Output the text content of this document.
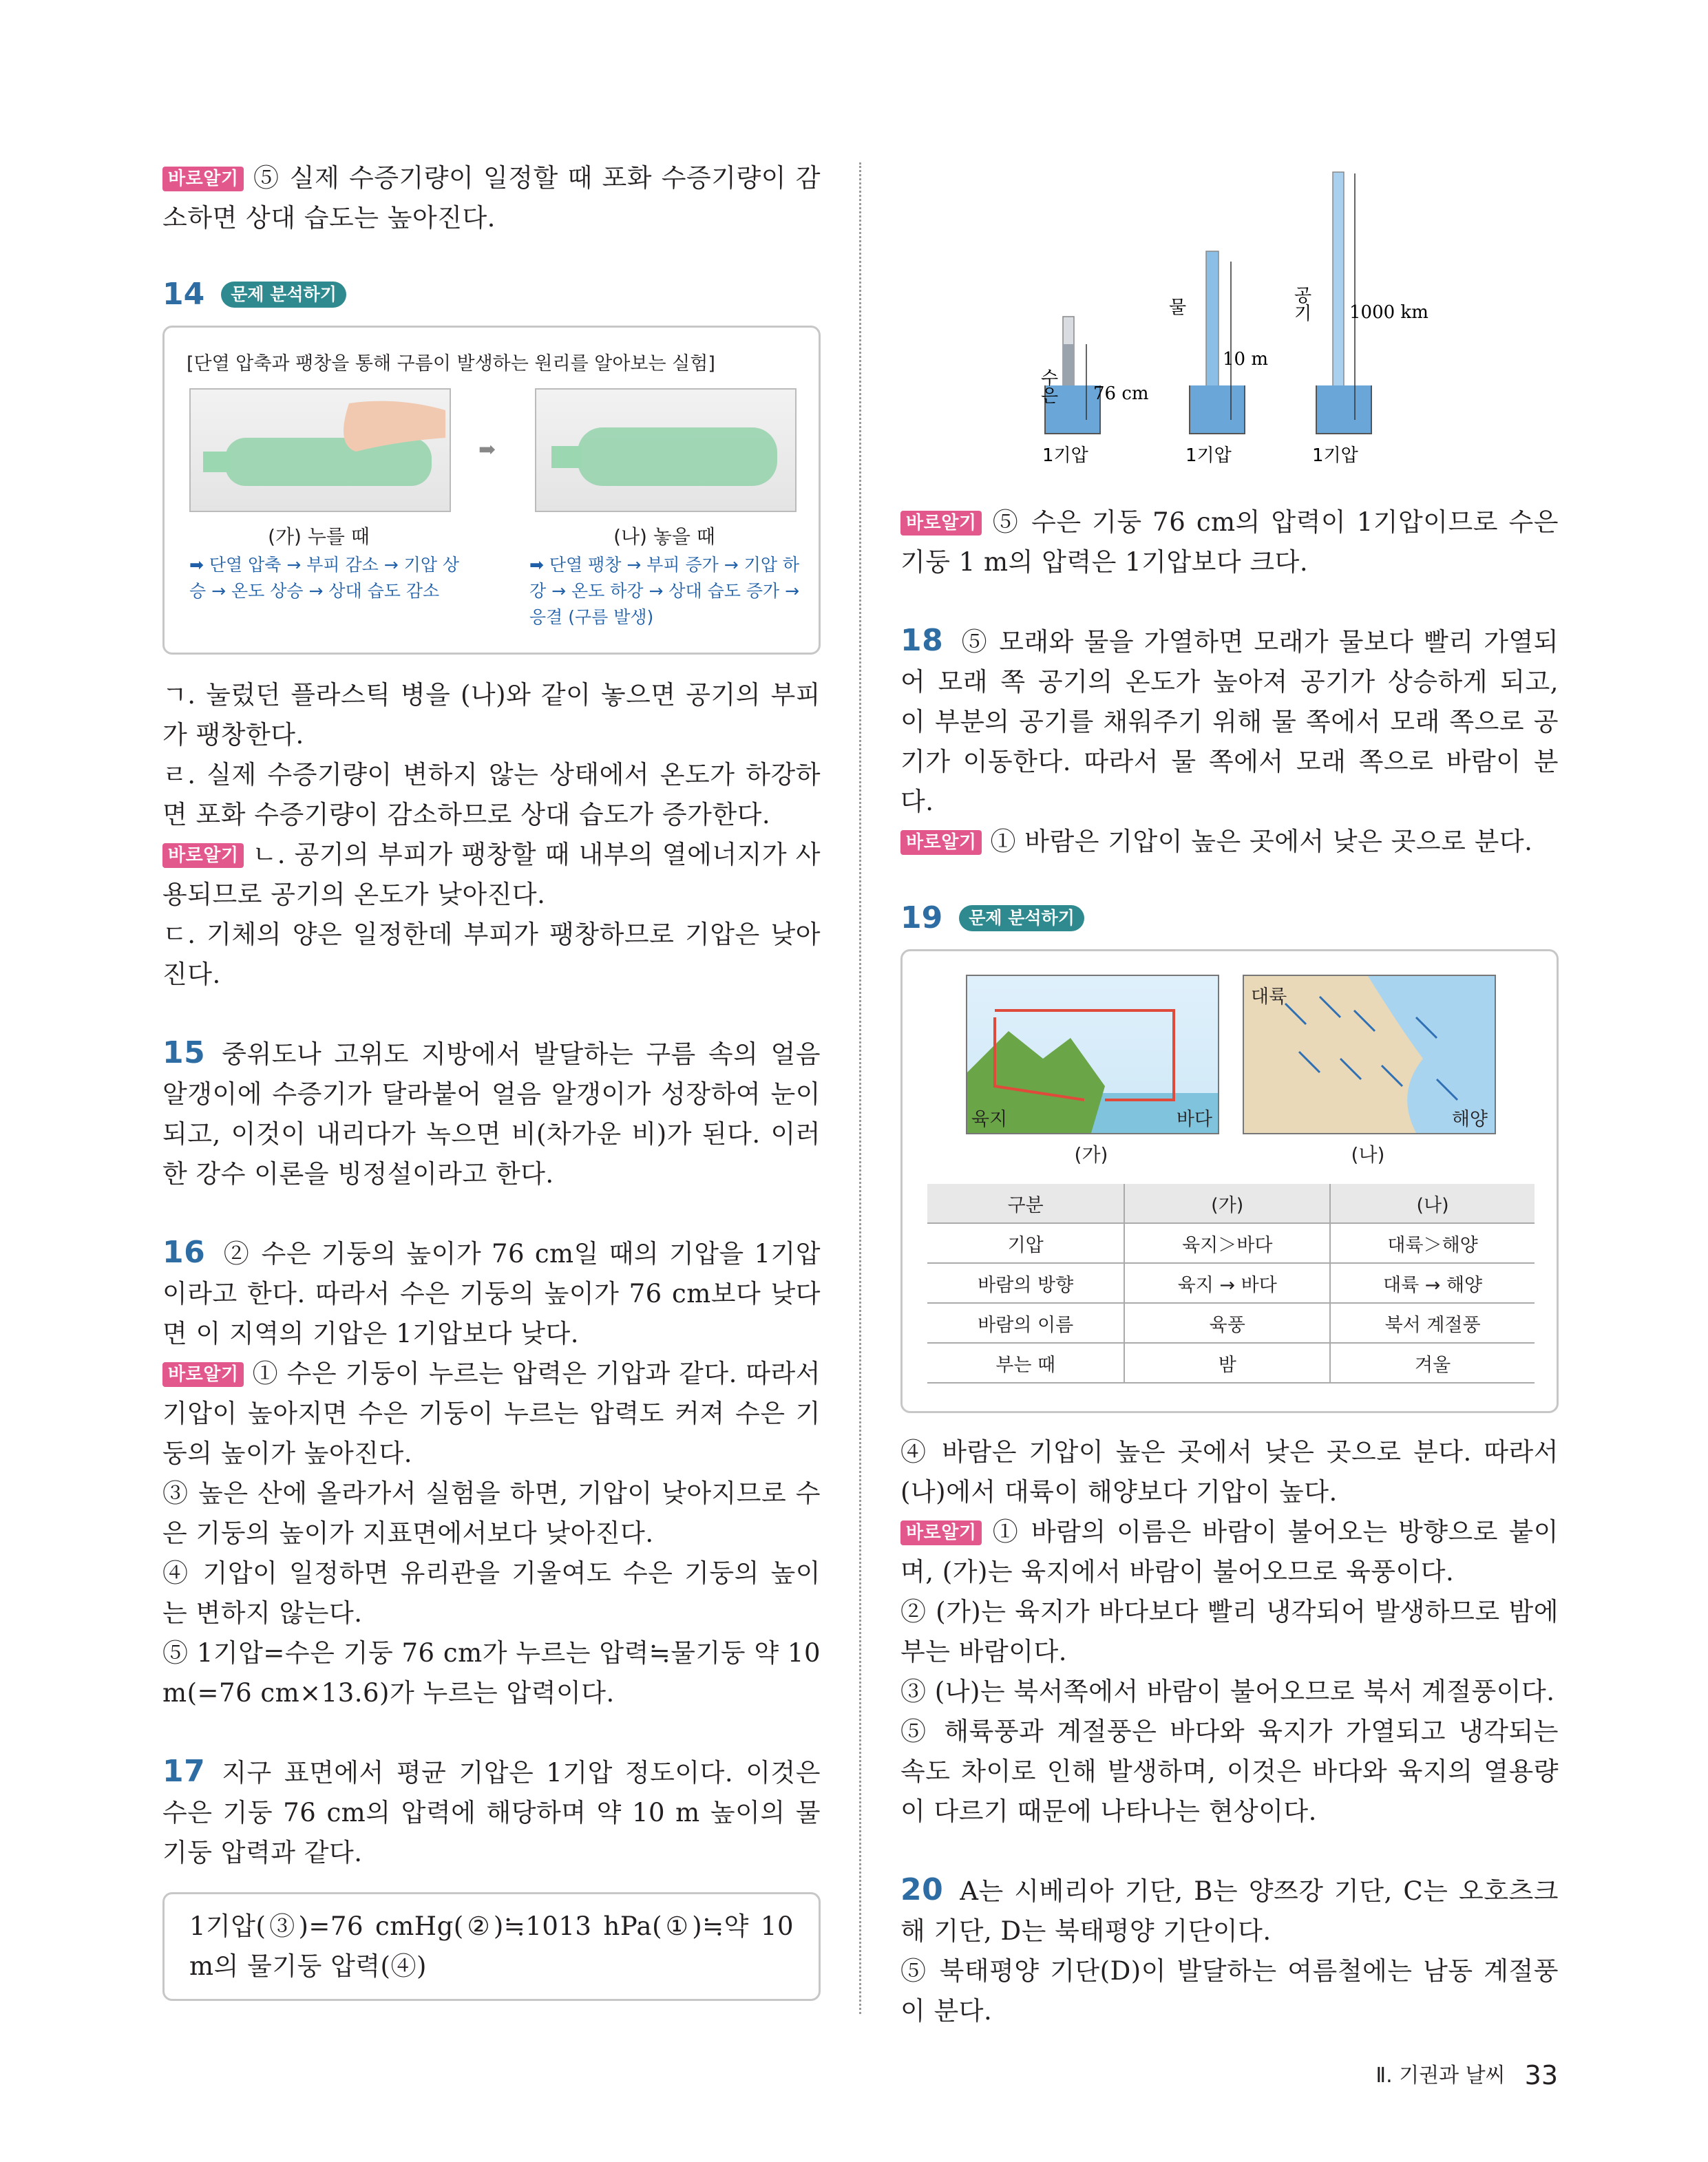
바로알기 ⑤ 실제 수증기량이 일정할 때 포화 수증기량이 감소하면 상대 습도는 높아진다.

14 문제 분석하기
[단열 압축과 팽창을 통해 구름이 발생하는 원리를 알아보는 실험]
➡
(가) 누를 때	(나) 놓을 때
➡ 단열 압축 → 부피 감소 → 기압 상승 → 온도 상승 → 상대 습도 감소
➡ 단열 팽창 → 부피 증가 → 기압 하강 → 온도 하강 → 상대 습도 증가 → 응결 (구름 발생)

ㄱ. 눌렀던 플라스틱 병을 (나)와 같이 놓으면 공기의 부피가 팽창한다.

ㄹ. 실제 수증기량이 변하지 않는 상태에서 온도가 하강하면 포화 수증기량이 감소하므로 상대 습도가 증가한다.

바로알기 ㄴ. 공기의 부피가 팽창할 때 내부의 열에너지가 사용되므로 공기의 온도가 낮아진다.

ㄷ. 기체의 양은 일정한데 부피가 팽창하므로 기압은 낮아진다.

15 중위도나 고위도 지방에서 발달하는 구름 속의 얼음 알갱이에 수증기가 달라붙어 얼음 알갱이가 성장하여 눈이 되고, 이것이 내리다가 녹으면 비(차가운 비)가 된다. 이러한 강수 이론을 빙정설이라고 한다.

16 ② 수은 기둥의 높이가 76 cm일 때의 기압을 1기압이라고 한다. 따라서 수은 기둥의 높이가 76 cm보다 낮다면 이 지역의 기압은 1기압보다 낮다.

바로알기 ① 수은 기둥이 누르는 압력은 기압과 같다. 따라서 기압이 높아지면 수은 기둥이 누르는 압력도 커져 수은 기둥의 높이가 높아진다.

③ 높은 산에 올라가서 실험을 하면, 기압이 낮아지므로 수은 기둥의 높이가 지표면에서보다 낮아진다.

④ 기압이 일정하면 유리관을 기울여도 수은 기둥의 높이는 변하지 않는다.

⑤ 1기압=수은 기둥 76 cm가 누르는 압력≒물기둥 약 10 m(=76 cm×13.6)가 누르는 압력이다.

17 지구 표면에서 평균 기압은 1기압 정도이다. 이것은 수은 기둥 76 cm의 압력에 해당하며 약 10 m 높이의 물기둥 압력과 같다.

1기압(③)=76 cmHg(②)≒1013 hPa(①)≒약 10 m의 물기둥 압력(④)

수은 76 cm
1기압
물
10 m
1기압
공기 1000 km
1기압

바로알기 ⑤ 수은 기둥 76 cm의 압력이 1기압이므로 수은 기둥 1 m의 압력은 1기압보다 크다.

18 ⑤ 모래와 물을 가열하면 모래가 물보다 빨리 가열되어 모래 쪽 공기의 온도가 높아져 공기가 상승하게 되고, 이 부분의 공기를 채워주기 위해 물 쪽에서 모래 쪽으로 공기가 이동한다. 따라서 물 쪽에서 모래 쪽으로 바람이 분다.

바로알기 ① 바람은 기압이 높은 곳에서 낮은 곳으로 분다.

19 문제 분석하기
육지	바다
(가)
대륙
해양
(나)
구분	(가)	(나)
기압	육지＞바다	대륙＞해양
바람의 방향	육지 → 바다	대륙 → 해양
바람의 이름	육풍	북서 계절풍
부는 때	밤	겨울

④ 바람은 기압이 높은 곳에서 낮은 곳으로 분다. 따라서 (나)에서 대륙이 해양보다 기압이 높다.

바로알기 ① 바람의 이름은 바람이 불어오는 방향으로 붙이며, (가)는 육지에서 바람이 불어오므로 육풍이다.

② (가)는 육지가 바다보다 빨리 냉각되어 발생하므로 밤에 부는 바람이다.

③ (나)는 북서쪽에서 바람이 불어오므로 북서 계절풍이다.

⑤ 해륙풍과 계절풍은 바다와 육지가 가열되고 냉각되는 속도 차이로 인해 발생하며, 이것은 바다와 육지의 열용량이 다르기 때문에 나타나는 현상이다.

20 A는 시베리아 기단, B는 양쯔강 기단, C는 오호츠크해 기단, D는 북태평양 기단이다.

⑤ 북태평양 기단(D)이 발달하는 여름철에는 남동 계절풍이 분다.

Ⅱ. 기권과 날씨 33
